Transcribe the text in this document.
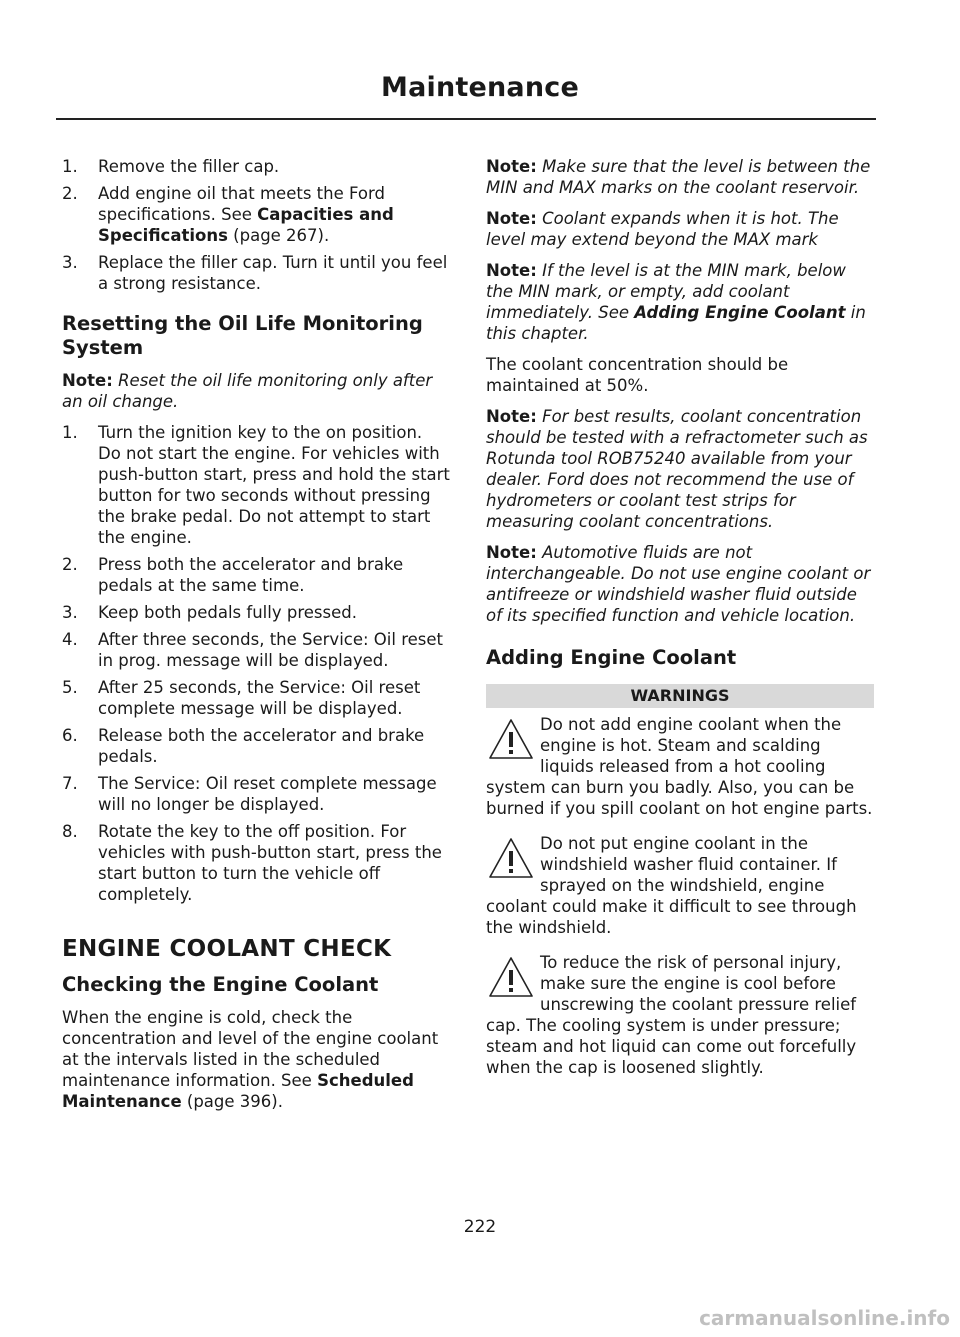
Maintenance
1. Remove the filler cap.
2. Add engine oil that meets the Ford specifications. See Capacities and Specifications (page 267).
3. Replace the filler cap. Turn it until you feel a strong resistance.
Resetting the Oil Life Monitoring System

Note: Reset the oil life monitoring only after an oil change.

1. Turn the ignition key to the on position. Do not start the engine. For vehicles with push-button start, press and hold the start button for two seconds without pressing the brake pedal. Do not attempt to start the engine.
2. Press both the accelerator and brake pedals at the same time.
3. Keep both pedals fully pressed.
4. After three seconds, the Service: Oil reset in prog. message will be displayed.
5. After 25 seconds, the Service: Oil reset complete message will be displayed.
6. Release both the accelerator and brake pedals.
7. The Service: Oil reset complete message will no longer be displayed.
8. Rotate the key to the off position. For vehicles with push-button start, press the start button to turn the vehicle off completely.
ENGINE COOLANT CHECK
Checking the Engine Coolant

When the engine is cold, check the concentration and level of the engine coolant at the intervals listed in the scheduled maintenance information. See Scheduled Maintenance (page 396).

Note: Make sure that the level is between the MIN and MAX marks on the coolant reservoir.

Note: Coolant expands when it is hot. The level may extend beyond the MAX mark

Note: If the level is at the MIN mark, below the MIN mark, or empty, add coolant immediately. See Adding Engine Coolant in this chapter.

The coolant concentration should be maintained at 50%.

Note: For best results, coolant concentration should be tested with a refractometer such as Rotunda tool ROB75240 available from your dealer. Ford does not recommend the use of hydrometers or coolant test strips for measuring coolant concentrations.

Note: Automotive fluids are not interchangeable. Do not use engine coolant or antifreeze or windshield washer fluid outside of its specified function and vehicle location.

Adding Engine Coolant
WARNINGS
Do not add engine coolant when the engine is hot. Steam and scalding liquids released from a hot cooling system can burn you badly. Also, you can be burned if you spill coolant on hot engine parts.
Do not put engine coolant in the windshield washer fluid container. If sprayed on the windshield, engine coolant could make it difficult to see through the windshield.
To reduce the risk of personal injury, make sure the engine is cool before unscrewing the coolant pressure relief cap. The cooling system is under pressure; steam and hot liquid can come out forcefully when the cap is loosened slightly.
222
carmanualsonline.info
